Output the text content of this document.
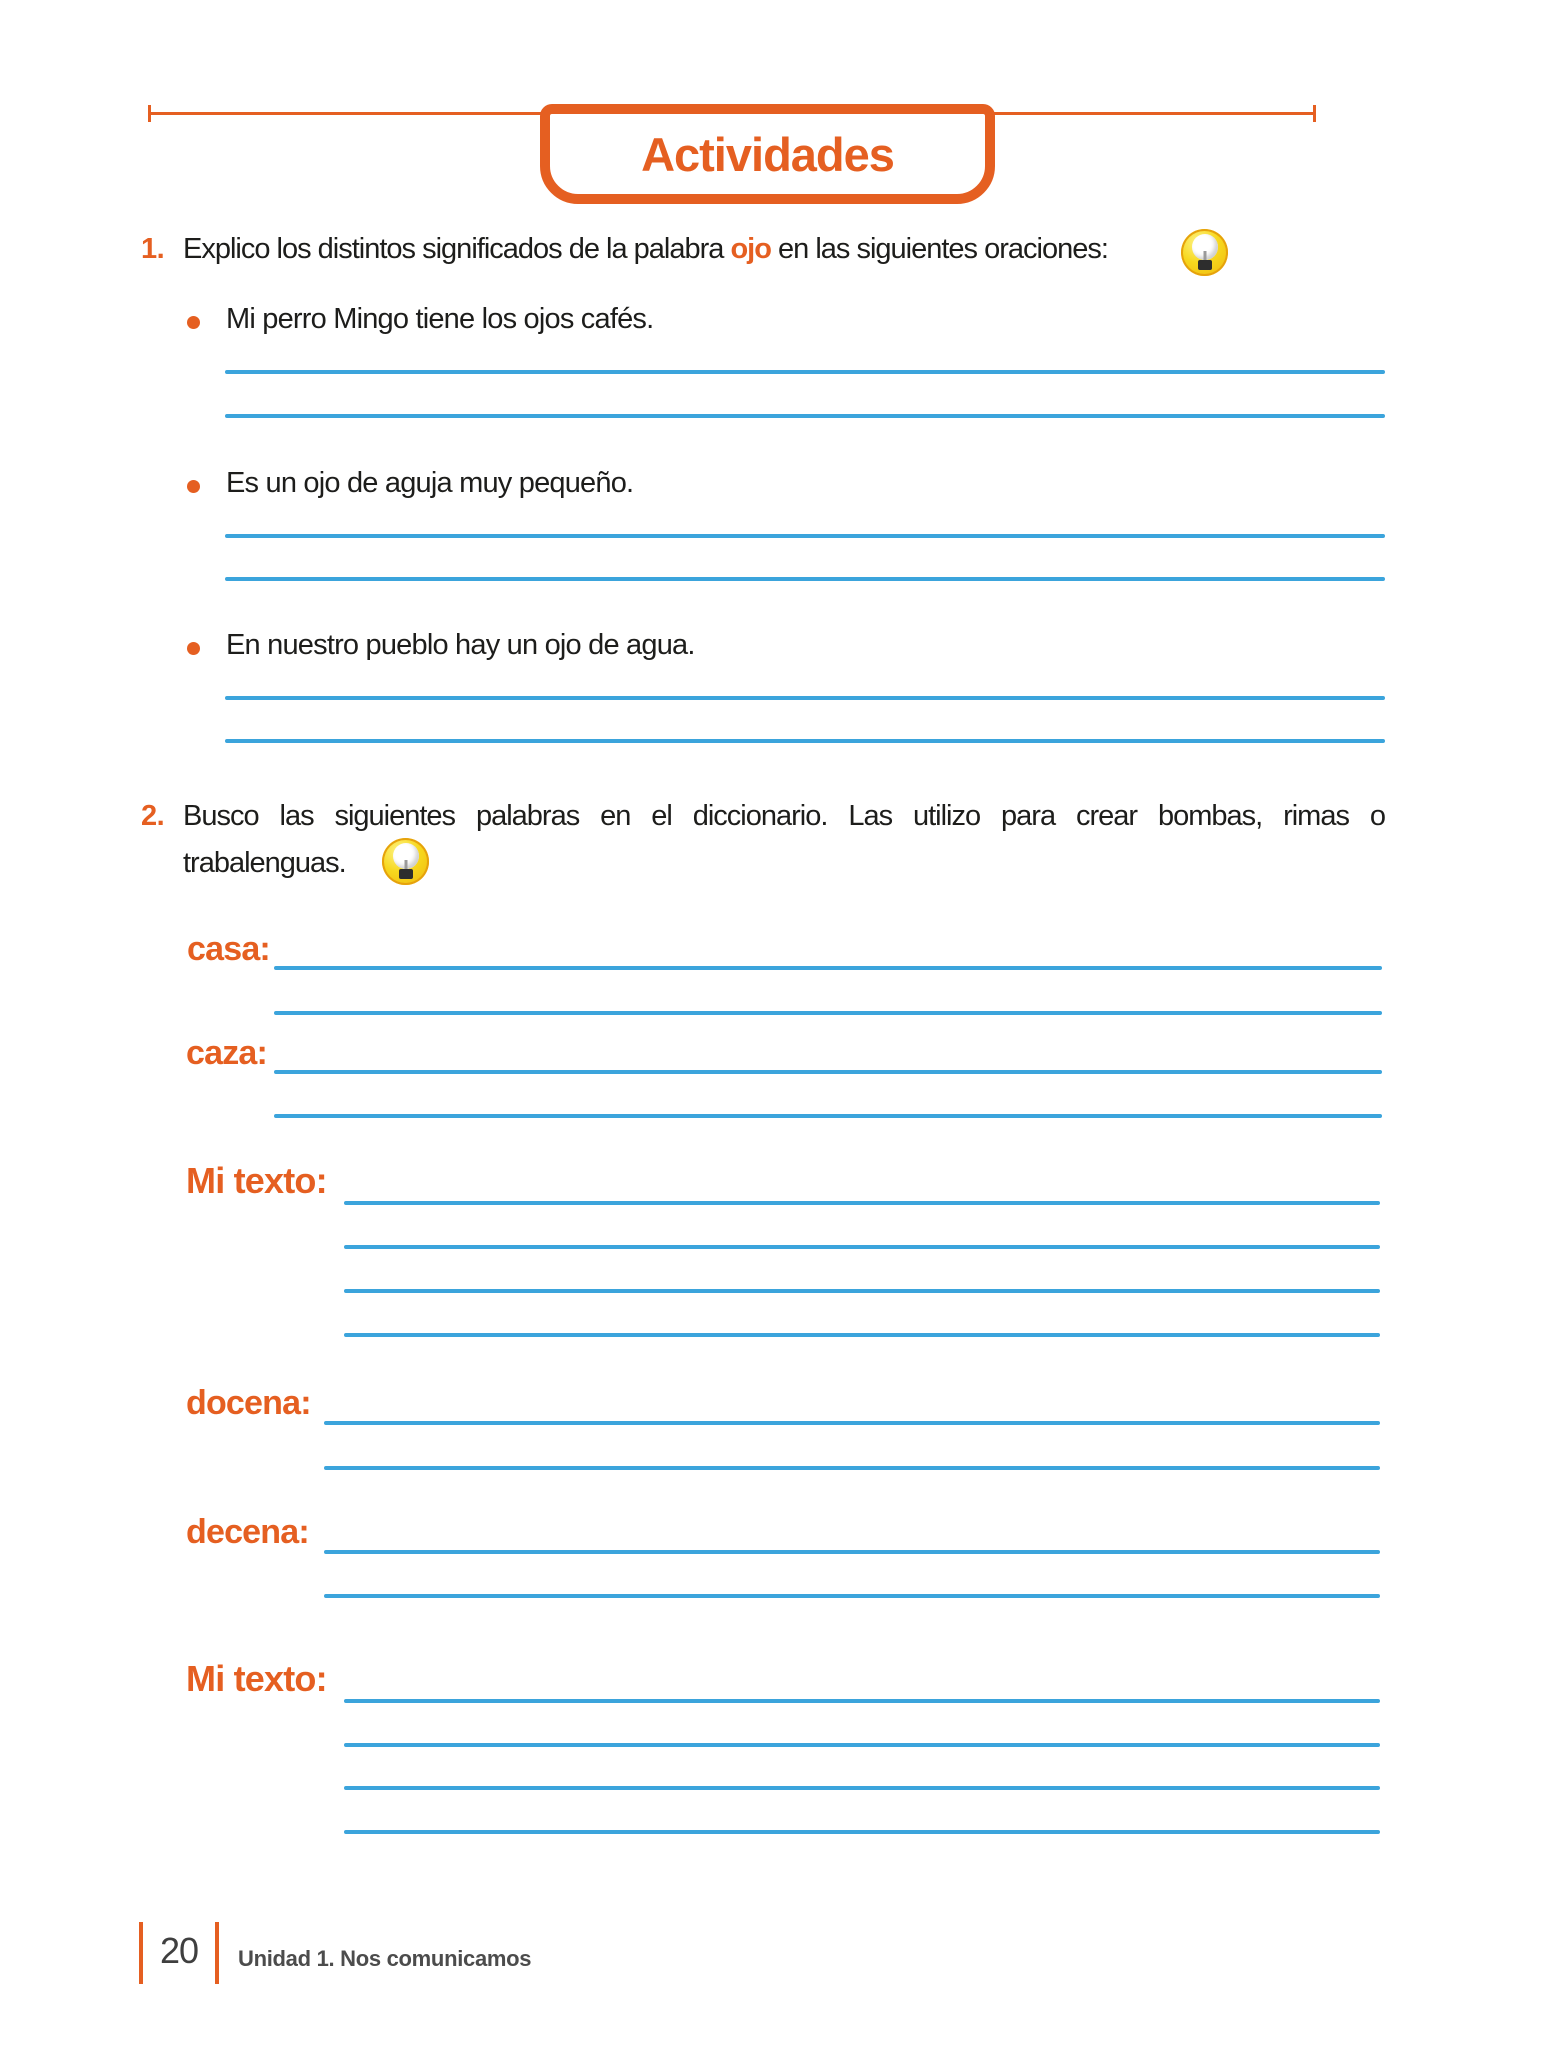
Actividades
1. Explico los distintos significados de la palabra ojo en las siguientes oraciones:
Mi perro Mingo tiene los ojos cafés.
Es un ojo de aguja muy pequeño.
En nuestro pueblo hay un ojo de agua.
2. Busco las siguientes palabras en el diccionario. Las utilizo para crear bombas, rimas o
trabalenguas.
casa:
caza:
Mi texto:
docena:
decena:
Mi texto:
20	Unidad 1. Nos comunicamos
